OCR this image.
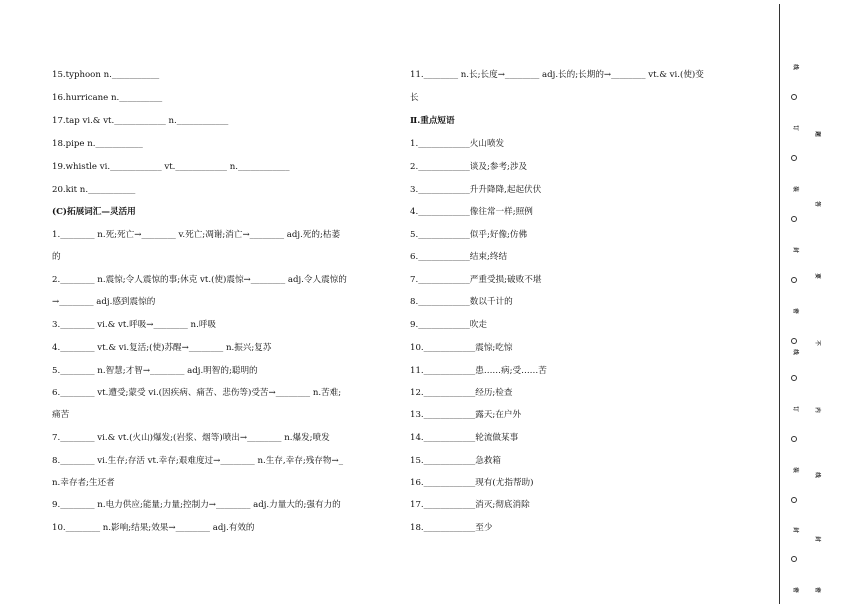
15.typhoon n.___________
16.hurricane n.__________
17.tap vi.& vt.____________ n.____________
18.pipe n.___________
19.whistle vi.____________ vt.____________ n.____________
20.kit n.___________
(C)拓展词汇—灵活用
1.________ n.死;死亡→________ v.死亡;凋谢;消亡→________ adj.死的;枯萎
的
2.________ n.震惊;令人震惊的事;休克 vt.(使)震惊→________ adj.令人震惊的
→________ adj.感到震惊的
3.________ vi.& vt.呼吸→________ n.呼吸
4.________ vt.& vi.复活;(使)苏醒→________ n.振兴;复苏
5.________ n.智慧;才智→________ adj.明智的;聪明的
6.________ vt.遭受;蒙受 vi.(因疾病、痛苦、悲伤等)受苦→________ n.苦难;
痛苦
7.________ vi.& vt.(火山)爆发;(岩浆、烟等)喷出→________ n.爆发;喷发
8.________ vi.生存;存活 vt.幸存;艰难度过→________ n.生存,幸存;残存物→_
n.幸存者;生还者
9.________ n.电力供应;能量;力量;控制力→________ adj.力量大的;强有力的
10.________ n.影响;结果;效果→________ adj.有效的
11.________ n.长;长度→________ adj.长的;长期的→________ vt.& vi.(使)变
长
Ⅱ.重点短语
1.____________火山喷发
2.____________谈及;参考;涉及
3.____________升升降降,起起伏伏
4.____________像往常一样;照例
5.____________似乎;好像;仿佛
6.____________结束;终结
7.____________严重受损;破败不堪
8.____________数以千计的
9.____________吹走
10.____________震惊;吃惊
11.____________患……病;受……苦
12.____________经历;检查
13.____________露天;在户外
14.____________轮流做某事
15.____________急救箱
16.____________现有(尤指帮助)
17.____________消灭;彻底消除
18.____________至少
线
订
装
封
密
线
订
装
封
密
题
答
要
不
内
线
封
密
